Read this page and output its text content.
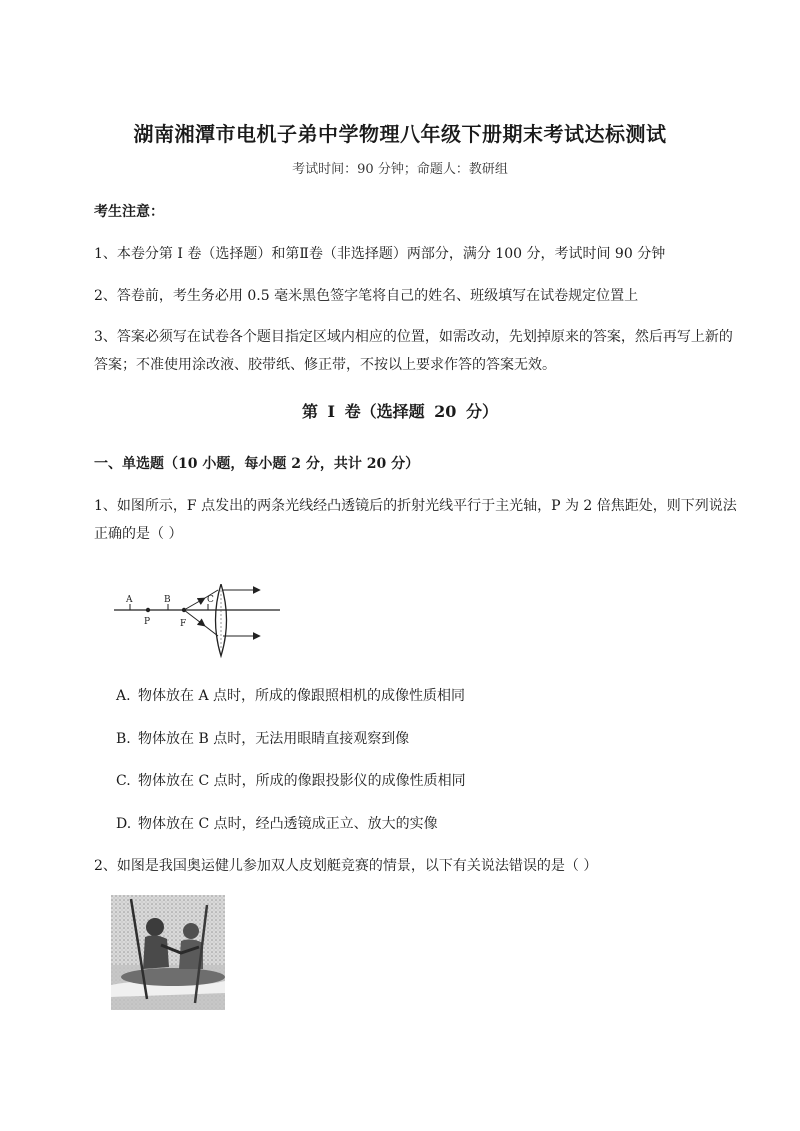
湖南湘潭市电机子弟中学物理八年级下册期末考试达标测试
考试时间：90 分钟；命题人：教研组
考生注意：
1、本卷分第 I 卷（选择题）和第Ⅱ卷（非选择题）两部分，满分 100 分，考试时间 90 分钟
2、答卷前，考生务必用 0.5 毫米黑色签字笔将自己的姓名、班级填写在试卷规定位置上
3、答案必须写在试卷各个题目指定区域内相应的位置，如需改动，先划掉原来的答案，然后再写上新的答案；不准使用涂改液、胶带纸、修正带，不按以上要求作答的答案无效。
第 I 卷（选择题 20 分）
一、单选题（10 小题，每小题 2 分，共计 20 分）
1、如图所示，F 点发出的两条光线经凸透镜后的折射光线平行于主光轴，P 为 2 倍焦距处，则下列说法正确的是（ ）
A	B	C
P	F
A. 物体放在 A 点时，所成的像跟照相机的成像性质相同
B. 物体放在 B 点时，无法用眼睛直接观察到像
C. 物体放在 C 点时，所成的像跟投影仪的成像性质相同
D. 物体放在 C 点时，经凸透镜成正立、放大的实像
2、如图是我国奥运健儿参加双人皮划艇竞赛的情景，以下有关说法错误的是（ ）
